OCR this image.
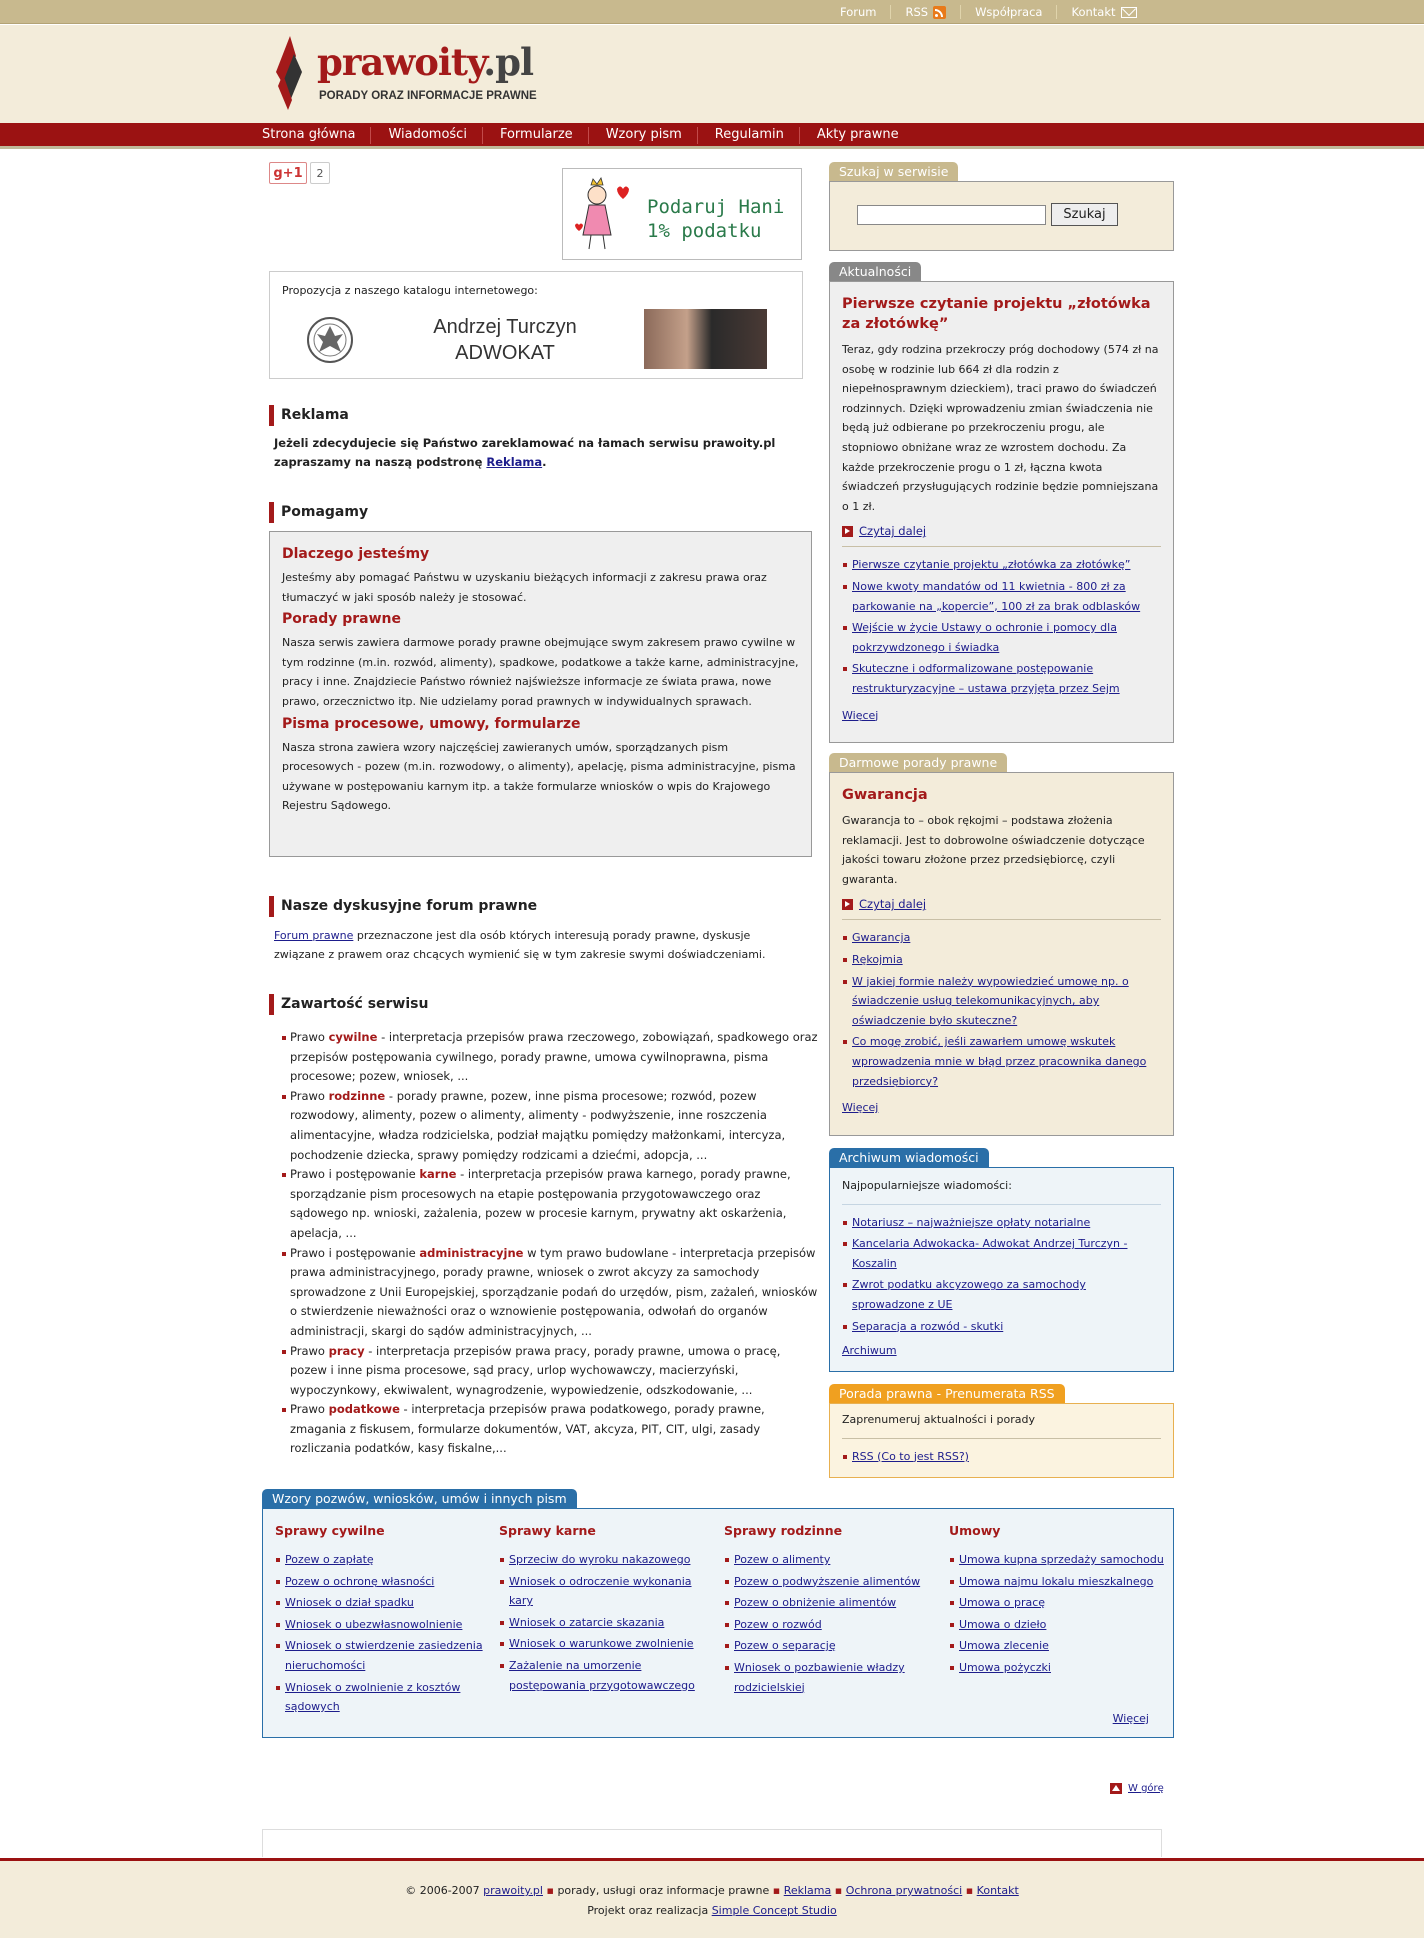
Forum	RSS	Współpraca	Kontakt
prawoity.pl
PORADY ORAZ INFORMACJE PRAWNE
Strona główna	Wiadomości	Formularze	Wzory pism	Regulamin	Akty prawne
g+1	2
Podaruj Hani
1% podatku
Propozycja z naszego katalogu internetowego:
Andrzej Turczyn
ADWOKAT
Reklama
Jeżeli zdecydujecie się Państwo zareklamować na łamach serwisu prawoity.pl zapraszamy na naszą podstronę Reklama.
Pomagamy
Dlaczego jesteśmy

Jesteśmy aby pomagać Państwu w uzyskaniu bieżących informacji z zakresu prawa oraz tłumaczyć w jaki sposób należy je stosować.

Porady prawne

Nasza serwis zawiera darmowe porady prawne obejmujące swym zakresem prawo cywilne w tym rodzinne (m.in. rozwód, alimenty), spadkowe, podatkowe a także karne, administracyjne, pracy i inne. Znajdziecie Państwo również najświeższe informacje ze świata prawa, nowe prawo, orzecznictwo itp. Nie udzielamy porad prawnych w indywidualnych sprawach.

Pisma procesowe, umowy, formularze

Nasza strona zawiera wzory najczęściej zawieranych umów, sporządzanych pism procesowych - pozew (m.in. rozwodowy, o alimenty), apelację, pisma administracyjne, pisma używane w postępowaniu karnym itp. a także formularze wniosków o wpis do Krajowego Rejestru Sądowego.

Nasze dyskusyjne forum prawne
Forum prawne przeznaczone jest dla osób których interesują porady prawne, dyskusje związane z prawem oraz chcących wymienić się w tym zakresie swymi doświadczeniami.
Zawartość serwisu
Prawo cywilne - interpretacja przepisów prawa rzeczowego, zobowiązań, spadkowego oraz przepisów postępowania cywilnego, porady prawne, umowa cywilnoprawna, pisma procesowe; pozew, wniosek, ...
Prawo rodzinne - porady prawne, pozew, inne pisma procesowe; rozwód, pozew rozwodowy, alimenty, pozew o alimenty, alimenty - podwyższenie, inne roszczenia alimentacyjne, władza rodzicielska, podział majątku pomiędzy małżonkami, intercyza, pochodzenie dziecka, sprawy pomiędzy rodzicami a dziećmi, adopcja, ...
Prawo i postępowanie karne - interpretacja przepisów prawa karnego, porady prawne, sporządzanie pism procesowych na etapie postępowania przygotowawczego oraz sądowego np. wnioski, zażalenia, pozew w procesie karnym, prywatny akt oskarżenia, apelacja, ...
Prawo i postępowanie administracyjne w tym prawo budowlane - interpretacja przepisów prawa administracyjnego, porady prawne, wniosek o zwrot akcyzy za samochody sprowadzone z Unii Europejskiej, sporządzanie podań do urzędów, pism, zażaleń, wniosków o stwierdzenie nieważności oraz o wznowienie postępowania, odwołań do organów administracji, skargi do sądów administracyjnych, ...
Prawo pracy - interpretacja przepisów prawa pracy, porady prawne, umowa o pracę, pozew i inne pisma procesowe, sąd pracy, urlop wychowawczy, macierzyński, wypoczynkowy, ekwiwalent, wynagrodzenie, wypowiedzenie, odszkodowanie, ...
Prawo podatkowe - interpretacja przepisów prawa podatkowego, porady prawne, zmagania z fiskusem, formularze dokumentów, VAT, akcyza, PIT, CIT, ulgi, zasady rozliczania podatków, kasy fiskalne,...
Szukaj w serwisie
Szukaj
Aktualności
Pierwsze czytanie projektu „złotówka za złotówkę”
Teraz, gdy rodzina przekroczy próg dochodowy (574 zł na osobę w rodzinie lub 664 zł dla rodzin z niepełnosprawnym dzieckiem), traci prawo do świadczeń rodzinnych. Dzięki wprowadzeniu zmian świadczenia nie będą już odbierane po przekroczeniu progu, ale stopniowo obniżane wraz ze wzrostem dochodu. Za każde przekroczenie progu o 1 zł, łączna kwota świadczeń przysługujących rodzinie będzie pomniejszana o 1 zł.
Czytaj dalej
Pierwsze czytanie projektu „złotówka za złotówkę”
Nowe kwoty mandatów od 11 kwietnia - 800 zł za parkowanie na „kopercie”, 100 zł za brak odblasków
Wejście w życie Ustawy o ochronie i pomocy dla pokrzywdzonego i świadka
Skuteczne i odformalizowane postępowanie restrukturyzacyjne – ustawa przyjęta przez Sejm
Więcej
Darmowe porady prawne
Gwarancja
Gwarancja to – obok rękojmi – podstawa złożenia reklamacji. Jest to dobrowolne oświadczenie dotyczące jakości towaru złożone przez przedsiębiorcę, czyli gwaranta.
Czytaj dalej
Gwarancja
Rękojmia
W jakiej formie należy wypowiedzieć umowę np. o świadczenie usług telekomunikacyjnych, aby oświadczenie było skuteczne?
Co mogę zrobić, jeśli zawarłem umowę wskutek wprowadzenia mnie w błąd przez pracownika danego przedsiębiorcy?
Więcej
Archiwum wiadomości
Najpopularniejsze wiadomości:
Notariusz – najważniejsze opłaty notarialne
Kancelaria Adwokacka- Adwokat Andrzej Turczyn - Koszalin
Zwrot podatku akcyzowego za samochody sprowadzone z UE
Separacja a rozwód - skutki
Archiwum
Porada prawna - Prenumerata RSS
Zaprenumeruj aktualności i porady
RSS (Co to jest RSS?)
Wzory pozwów, wniosków, umów i innych pism
Sprawy cywilne
Pozew o zapłatę
Pozew o ochronę własności
Wniosek o dział spadku
Wniosek o ubezwłasnowolnienie
Wniosek o stwierdzenie zasiedzenia nieruchomości
Wniosek o zwolnienie z kosztów sądowych
Sprawy karne
Sprzeciw do wyroku nakazowego
Wniosek o odroczenie wykonania kary
Wniosek o zatarcie skazania
Wniosek o warunkowe zwolnienie
Zażalenie na umorzenie postępowania przygotowawczego
Sprawy rodzinne
Pozew o alimenty
Pozew o podwyższenie alimentów
Pozew o obniżenie alimentów
Pozew o rozwód
Pozew o separację
Wniosek o pozbawienie władzy rodzicielskiej
Umowy
Umowa kupna sprzedaży samochodu
Umowa najmu lokalu mieszkalnego
Umowa o pracę
Umowa o dzieło
Umowa zlecenie
Umowa pożyczki
Więcej
W górę
© 2006-2007 prawoity.pl ▪ porady, usługi oraz informacje prawne ▪ Reklama ▪ Ochrona prywatności ▪ Kontakt
Projekt oraz realizacja Simple Concept Studio
